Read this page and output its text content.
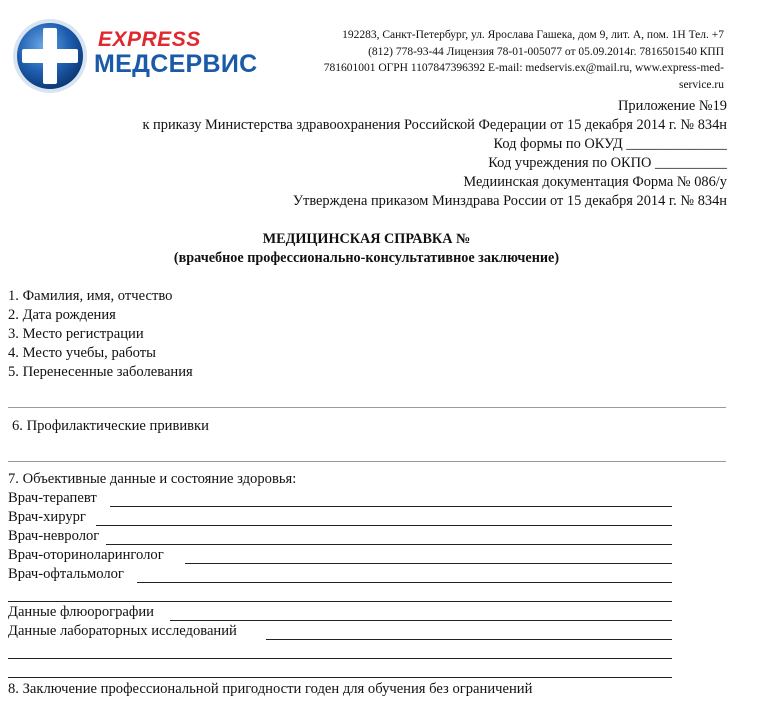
EXPRESS
МЕДСЕРВИС
192283, Санкт-Петербург, ул. Ярослава Гашека, дом 9, лит. А, пом. 1Н Тел. +7
(812) 778-93-44 Лицензия 78-01-005077 от 05.09.2014г. 7816501540 КПП
781601001 ОГРН 1107847396392 E-mail: medservis.ex@mail.ru, www.express-med-
service.ru
Приложение №19
к приказу Министерства здравоохранения Российской Федерации от 15 декабря 2014 г. № 834н
Код формы по ОКУД ______________
Код учреждения по ОКПО __________
Медиинская документация Форма № 086/у
Утверждена приказом Минздрава России от 15 декабря 2014 г. № 834н
МЕДИЦИНСКАЯ СПРАВКА №
(врачебное профессионально-консультативное заключение)
1. Фамилия, имя, отчество
2. Дата рождения
3. Место регистрации
4. Место учебы, работы
5. Перенесенные заболевания
6. Профилактические прививки
7. Объективные данные и состояние здоровья:
Врач-терапевт
Врач-хирург
Врач-невролог
Врач-оториноларинголог
Врач-офтальмолог
Данные флюорографии
Данные лабораторных исследований
8. Заключение профессиональной пригодности годен для обучения без ограничений
